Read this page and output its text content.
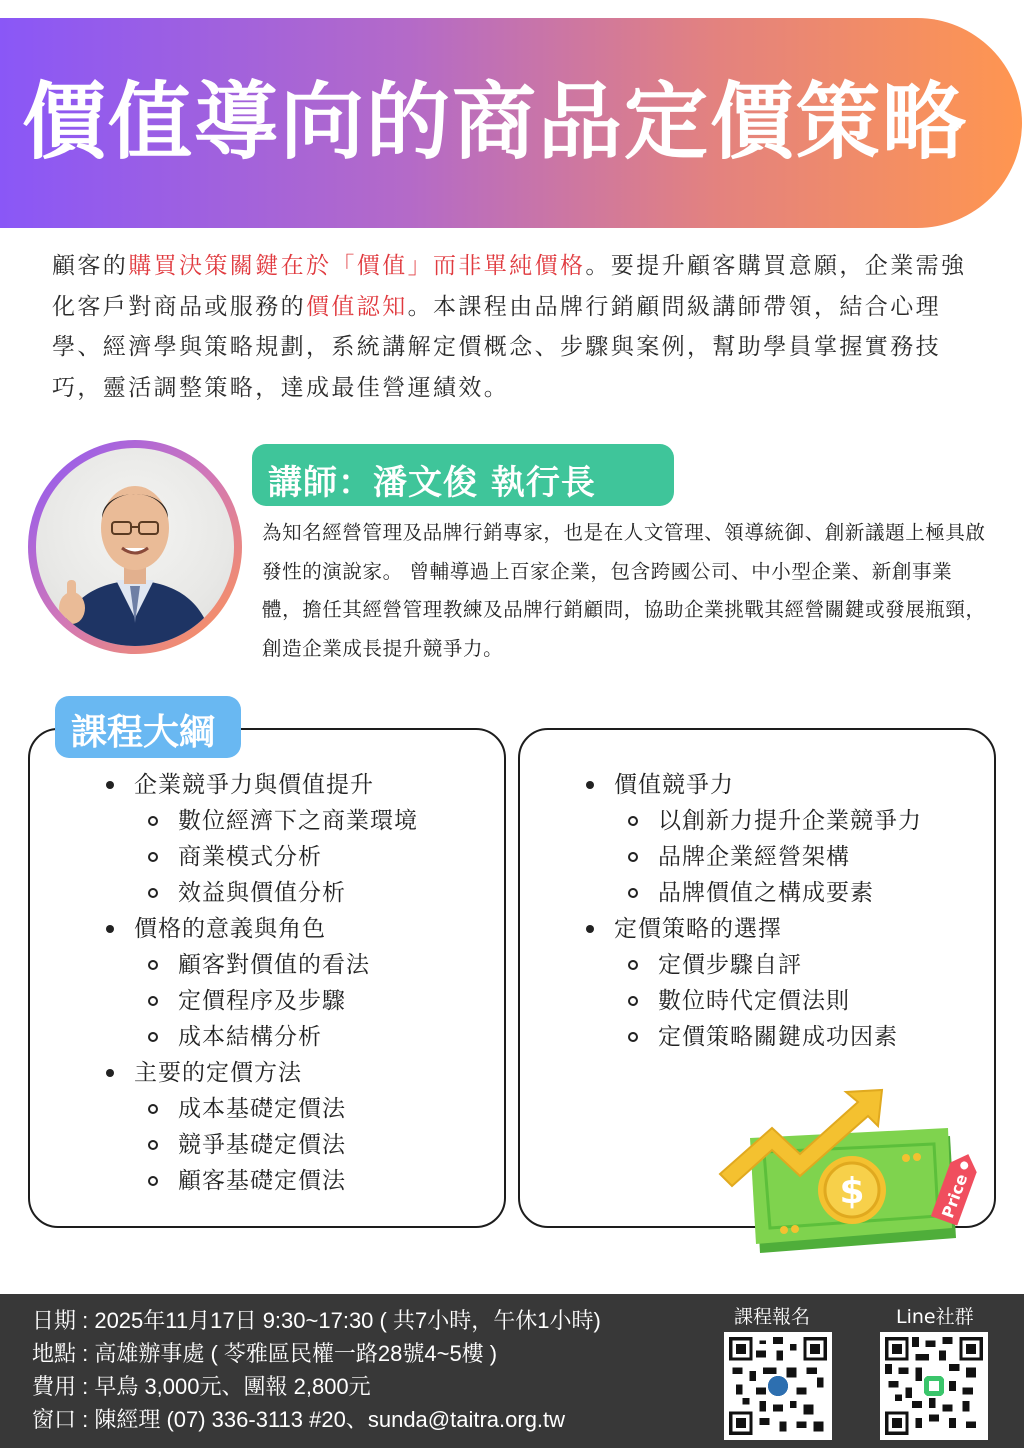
價值導向的商品定價策略

顧客的購買決策關鍵在於「價值」而非單純價格。要提升顧客購買意願，企業需強化客戶對商品或服務的價值認知。本課程由品牌行銷顧問級講師帶領，結合心理學、經濟學與策略規劃，系統講解定價概念、步驟與案例，幫助學員掌握實務技巧，靈活調整策略，達成最佳營運績效。

講師：潘文俊 執行長

為知名經營管理及品牌行銷專家，也是在人文管理、領導統御、創新議題上極具啟發性的演說家。 曾輔導過上百家企業，包含跨國公司、中小型企業、新創事業體，擔任其經營管理教練及品牌行銷顧問，協助企業挑戰其經營關鍵或發展瓶頸，創造企業成長提升競爭力。

課程大綱
企業競爭力與價值提升
數位經濟下之商業環境
商業模式分析
效益與價值分析
價格的意義與角色
顧客對價值的看法
定價程序及步驟
成本結構分析
主要的定價方法
成本基礎定價法
競爭基礎定價法
顧客基礎定價法
價值競爭力
以創新力提升企業競爭力
品牌企業經營架構
品牌價值之構成要素
定價策略的選擇
定價步驟自評
數位時代定價法則
定價策略關鍵成功因素
$	Price
日期 : 2025年11月17日 9:30~17:30 ( 共7小時，午休1小時)
地點 : 高雄辦事處 ( 苓雅區民權一路28號4~5樓 )
費用 : 早鳥 3,000元、團報 2,800元
窗口 : 陳經理 (07) 336-3113 #20、sunda@taitra.org.tw
課程報名	Line社群
